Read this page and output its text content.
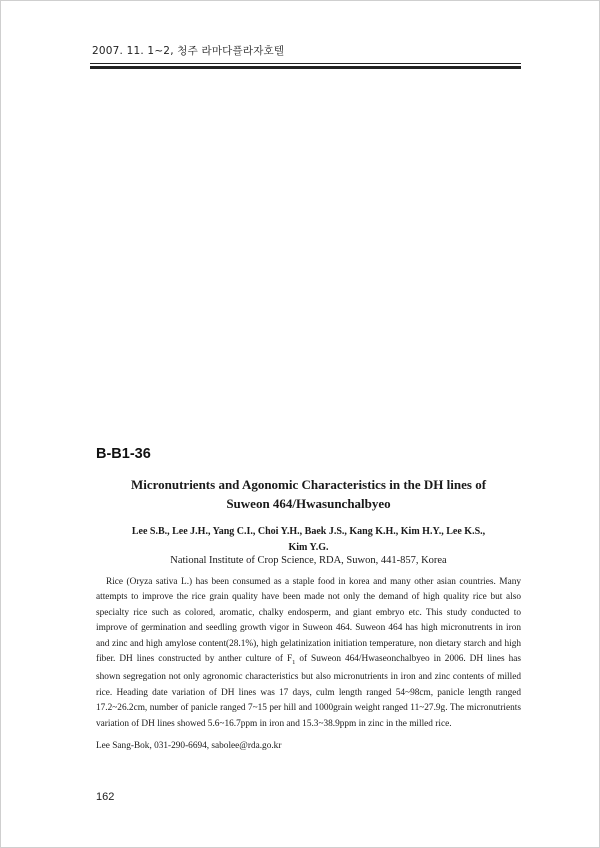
2007. 11. 1~2, 청주 라마다플라자호텔
B-B1-36
Micronutrients and Agonomic Characteristics in the DH lines of
Suweon 464/Hwasunchalbyeo
Lee S.B., Lee J.H., Yang C.I., Choi Y.H., Baek J.S., Kang K.H., Kim H.Y., Lee K.S.,
Kim Y.G.
National Institute of Crop Science, RDA, Suwon, 441-857, Korea

Rice (Oryza sativa L.) has been consumed as a staple food in korea and many other asian countries. Many attempts to improve the rice grain quality have been made not only the demand of high quality rice but also specialty rice such as colored, aromatic, chalky endosperm, and giant embryo etc. This study conducted to improve of germination and seedling growth vigor in Suweon 464. Suweon 464 has high micronutrents in iron and zinc and high amylose content(28.1%), high gelatinization initiation temperature, non dietary starch and high fiber. DH lines constructed by anther culture of $F_1$ of Suweon 464/Hwaseonchalbyeo in 2006. DH lines has shown segregation not only agronomic characteristics but also micronutrients in iron and zinc contents of milled rice. Heading date variation of DH lines was 17 days, culm length ranged 54~98cm, panicle length ranged 17.2~26.2cm, number of panicle ranged 7~15 per hill and 1000grain weight ranged 11~27.9g. The micronutrients variation of DH lines showed 5.6~16.7ppm in iron and 15.3~38.9ppm in zinc in the milled rice.

Lee Sang-Bok, 031-290-6694, sabolee@rda.go.kr
162
